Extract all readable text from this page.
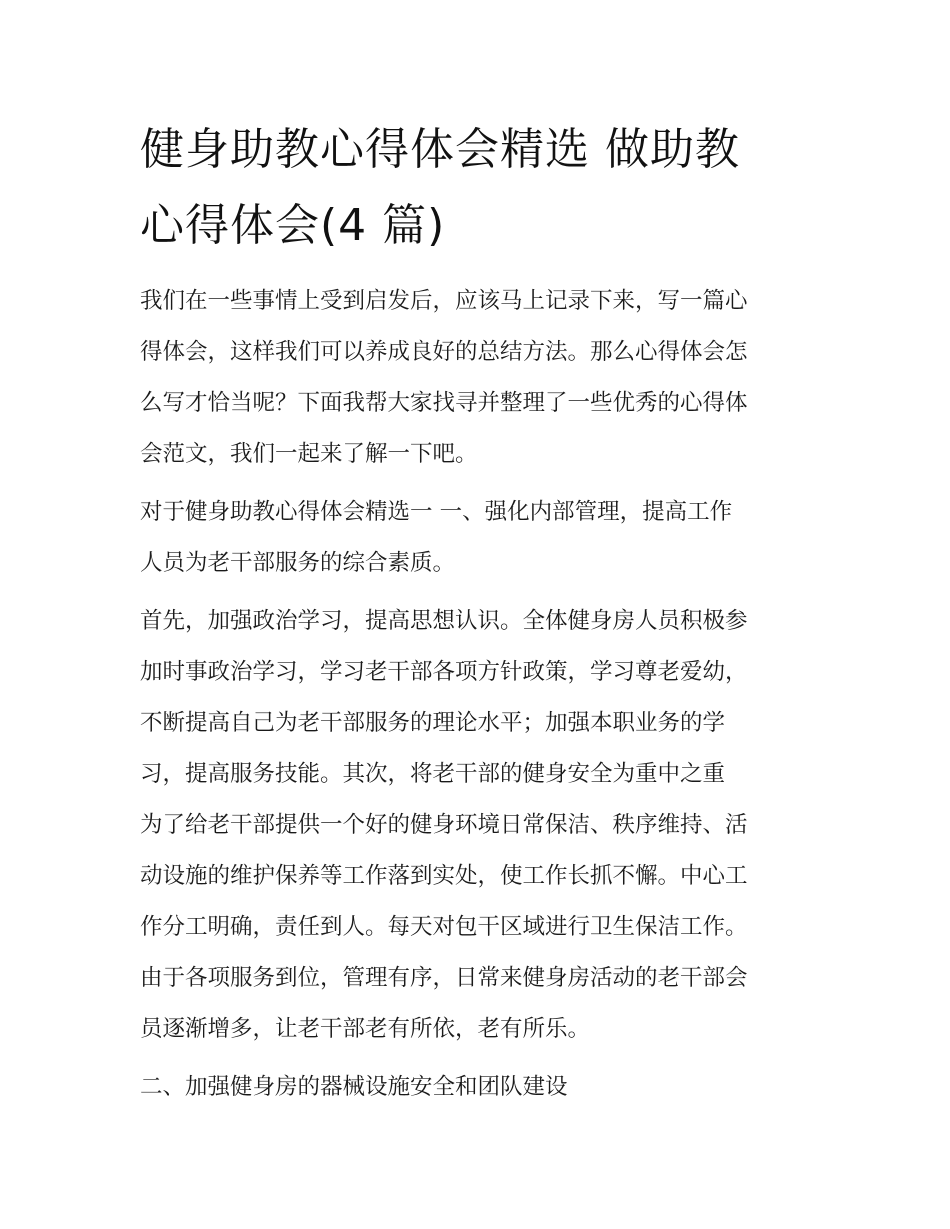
健身助教心得体会精选 做助教
心得体会(4 篇)

我们在一些事情上受到启发后，应该马上记录下来，写一篇心
得体会，这样我们可以养成良好的总结方法。那么心得体会怎
么写才恰当呢？下面我帮大家找寻并整理了一些优秀的心得体
会范文，我们一起来了解一下吧。

对于健身助教心得体会精选一 一、强化内部管理，提高工作
人员为老干部服务的综合素质。

首先，加强政治学习，提高思想认识。全体健身房人员积极参
加时事政治学习，学习老干部各项方针政策，学习尊老爱幼，
不断提高自己为老干部服务的理论水平；加强本职业务的学
习，提高服务技能。其次，将老干部的健身安全为重中之重
为了给老干部提供一个好的健身环境日常保洁、秩序维持、活
动设施的维护保养等工作落到实处，使工作长抓不懈。中心工
作分工明确，责任到人。每天对包干区域进行卫生保洁工作。
由于各项服务到位，管理有序，日常来健身房活动的老干部会
员逐渐增多，让老干部老有所依，老有所乐。

二、加强健身房的器械设施安全和团队建设
